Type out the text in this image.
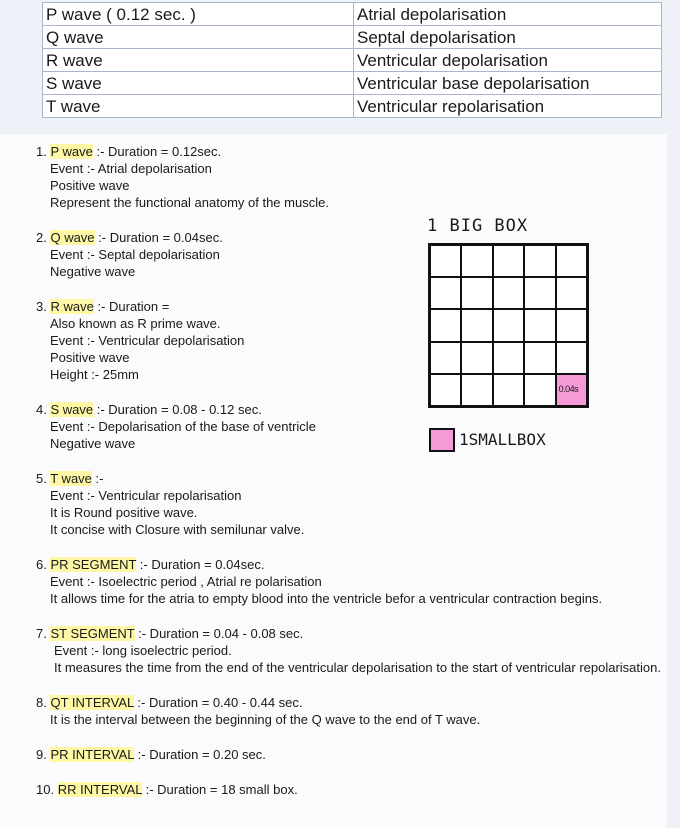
P wave ( 0.12 sec. )	Atrial depolarisation
Q wave	Septal depolarisation
R wave	Ventricular depolarisation
S wave	Ventricular base depolarisation
T wave	Ventricular repolarisation
1. P wave :- Duration = 0.12sec.
Event :- Atrial depolarisation
Positive wave
Represent the functional anatomy of the muscle.
2. Q wave :- Duration = 0.04sec.
Event :- Septal depolarisation
Negative wave
3. R wave :- Duration =
Also known as R prime wave.
Event :- Ventricular depolarisation
Positive wave
Height :- 25mm
4. S wave :- Duration = 0.08 - 0.12 sec.
Event :- Depolarisation of the base of ventricle
Negative wave
5. T wave :-
Event :- Ventricular repolarisation
It is Round positive wave.
It concise with Closure with semilunar valve.
6. PR SEGMENT :- Duration = 0.04sec.
Event :- Isoelectric period , Atrial re polarisation
It allows time for the atria to empty blood into the ventricle befor a ventricular contraction begins.
7. ST SEGMENT :- Duration = 0.04 - 0.08 sec.
Event :- long isoelectric period.
It measures the time from the end of the ventricular depolarisation to the start of ventricular repolarisation.
8. QT INTERVAL :- Duration = 0.40 - 0.44 sec.
It is the interval between the beginning of the Q wave to the end of T wave.
9. PR INTERVAL :- Duration = 0.20 sec.
10. RR INTERVAL :- Duration = 18 small box.
1 BIG BOX
0.04s
1SMALLBOX
